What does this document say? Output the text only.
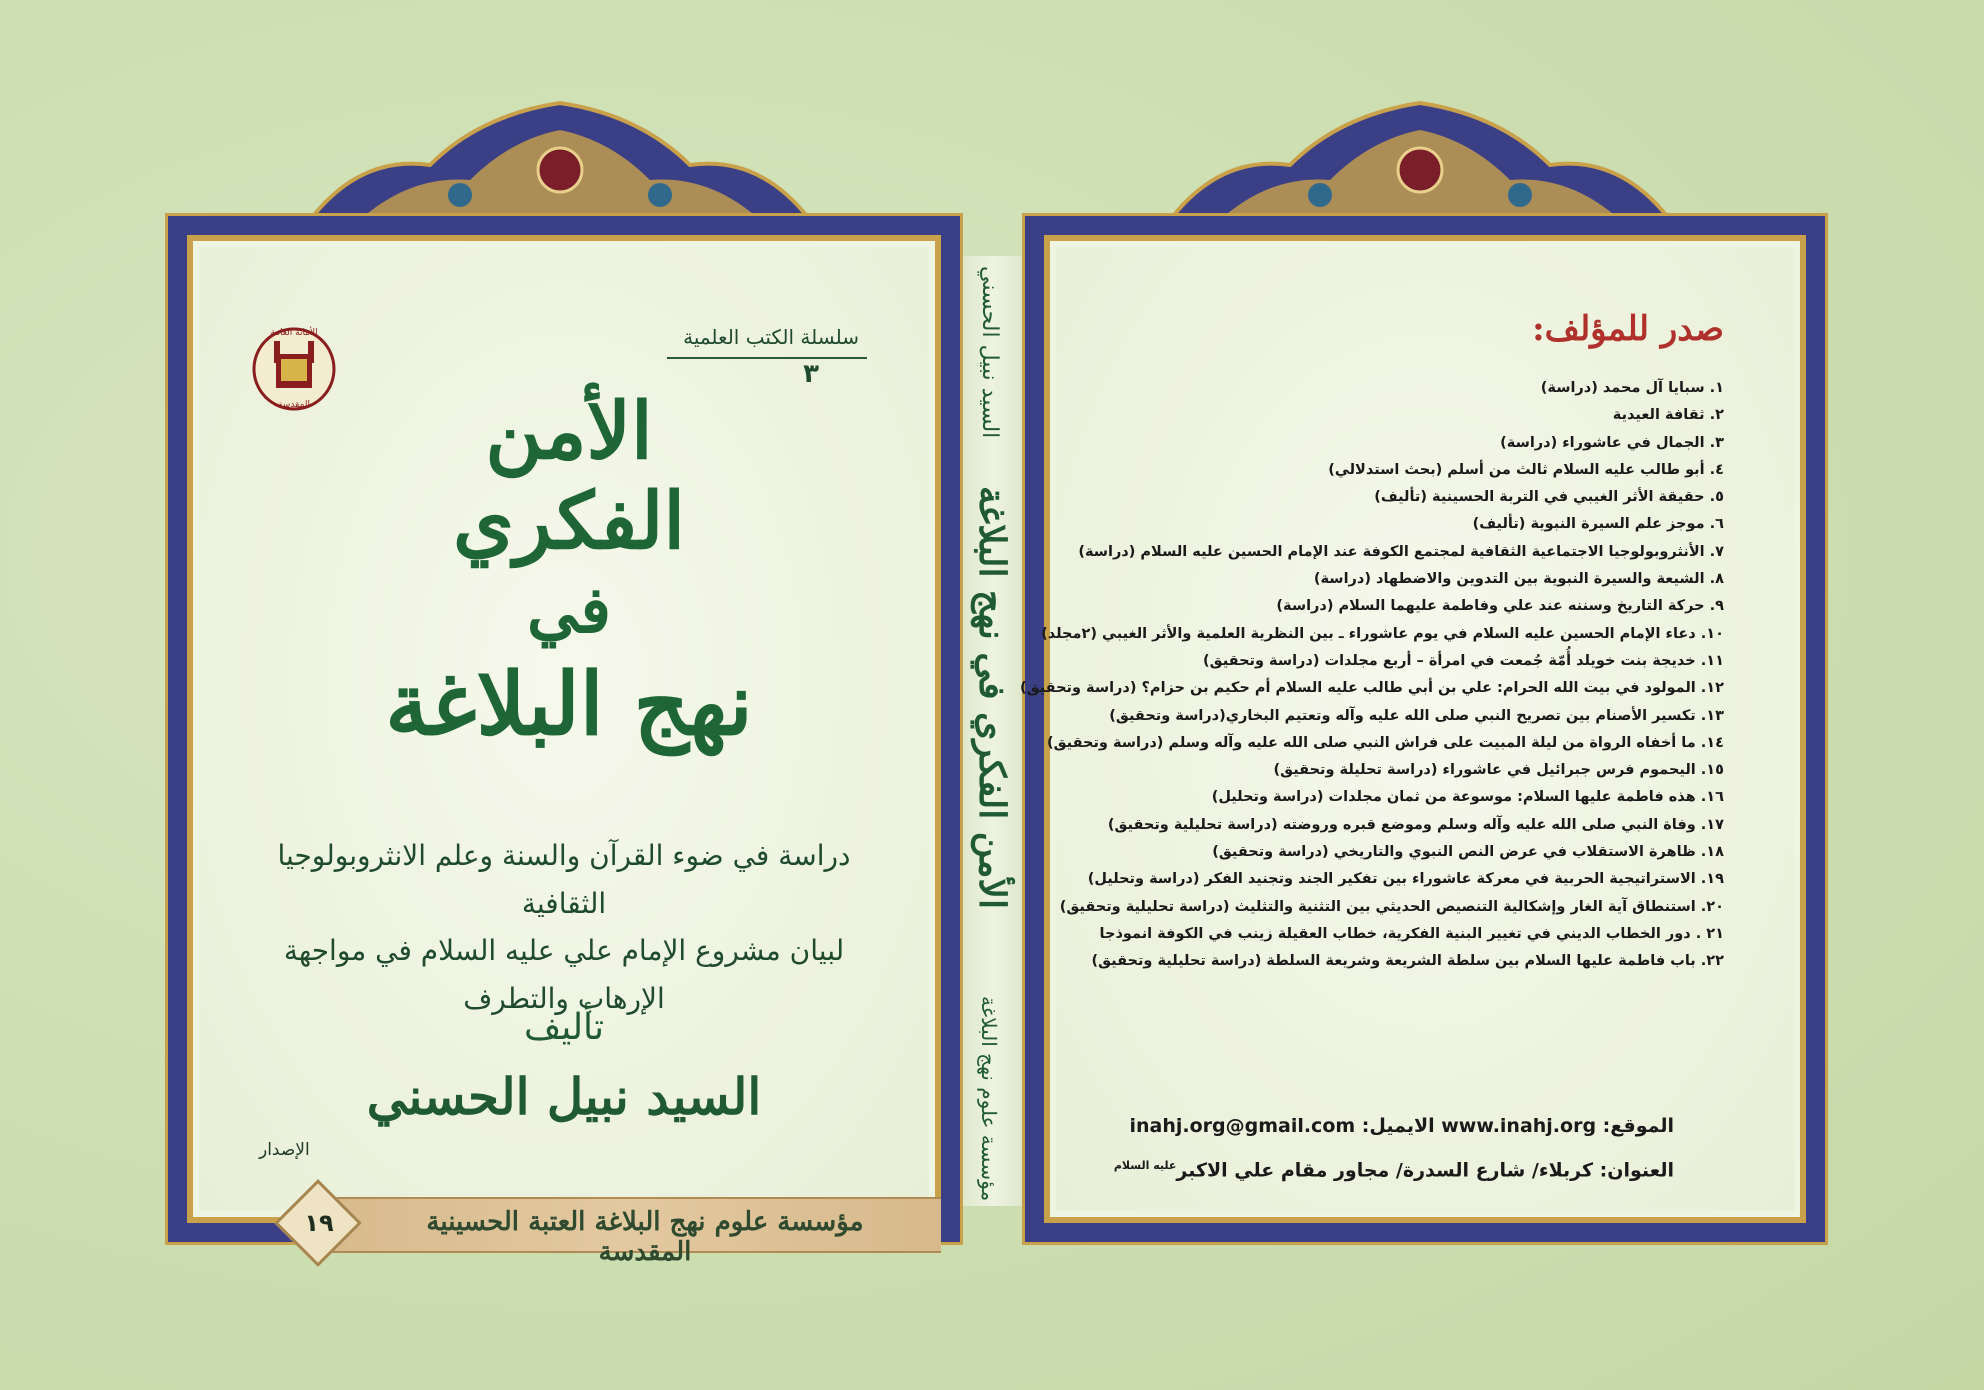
سلسلة الكتب العلمية
٣
الأمانة العامة
المقدسة	الأمن الفكري
في
نهج البلاغة
دراسة في ضوء القرآن والسنة وعلم الانثروبولوجيا الثقافية
لبيان مشروع الإمام علي عليه السلام في مواجهة الإرهاب والتطرف
تأليف
السيد نبيل الحسني
الإصدار
مؤسسة علوم نهج البلاغة العتبة الحسينية المقدسة
١٩
السيد نبيل الحسني
الأمن الفكري في نهج البلاغة
مؤسسة علوم نهج البلاغة
صدر للمؤلف:
١. سبايا آل محمد (دراسة)
٢. ثقافة العيدية
٣. الجمال في عاشوراء (دراسة)
٤. أبو طالب عليه السلام ثالث من أسلم (بحث استدلالي)
٥. حقيقة الأثر الغيبي في التربة الحسينية (تأليف)
٦. موجز علم السيرة النبوية (تأليف)
٧. الأنثروبولوجيا الاجتماعية الثقافية لمجتمع الكوفة عند الإمام الحسين عليه السلام (دراسة)
٨. الشيعة والسيرة النبوية بين التدوين والاضطهاد (دراسة)
٩. حركة التاريخ وسننه عند علي وفاطمة عليهما السلام (دراسة)
١٠. دعاء الإمام الحسين عليه السلام في يوم عاشوراء ـ بين النظرية العلمية والأثر الغيبي (٢مجلد)
١١. خديجة بنت خويلد أُمّة جُمعت في امرأة – أربع مجلدات (دراسة وتحقيق)
١٢. المولود في بيت الله الحرام: علي بن أبي طالب عليه السلام أم حكيم بن حزام؟ (دراسة وتحقيق)
١٣. تكسير الأصنام بين تصريح النبي صلى الله عليه وآله وتعتيم البخاري(دراسة وتحقيق)
١٤. ما أخفاه الرواة من ليلة المبيت على فراش النبي صلى الله عليه وآله وسلم (دراسة وتحقيق)
١٥. اليحموم فرس جبرائيل في عاشوراء (دراسة تحليلة وتحقيق)
١٦. هذه فاطمة عليها السلام: موسوعة من ثمان مجلدات (دراسة وتحليل)
١٧. وفاة النبي صلى الله عليه وآله وسلم وموضع قبره وروضته (دراسة تحليلية وتحقيق)
١٨. ظاهرة الاستقلاب في عرض النص النبوي والتاريخي (دراسة وتحقيق)
١٩. الاستراتيجية الحربية في معركة عاشوراء بين تفكير الجند وتجنيد الفكر (دراسة وتحليل)
٢٠. استنطاق آية الغار وإشكالية التنصيص الحديثي بين التثنية والتثليث (دراسة تحليلية وتحقيق)
٢١ . دور الخطاب الديني في تغيير البنية الفكرية، خطاب العقيلة زينب في الكوفة انموذجا
٢٢. باب فاطمة عليها السلام بين سلطة الشريعة وشريعة السلطة (دراسة تحليلية وتحقيق)
الموقع: www.inahj.org الايميل: inahj.org@gmail.com
العنوان: كربلاء/ شارع السدرة/ مجاور مقام علي الاكبر$^{عليه السلام}$
